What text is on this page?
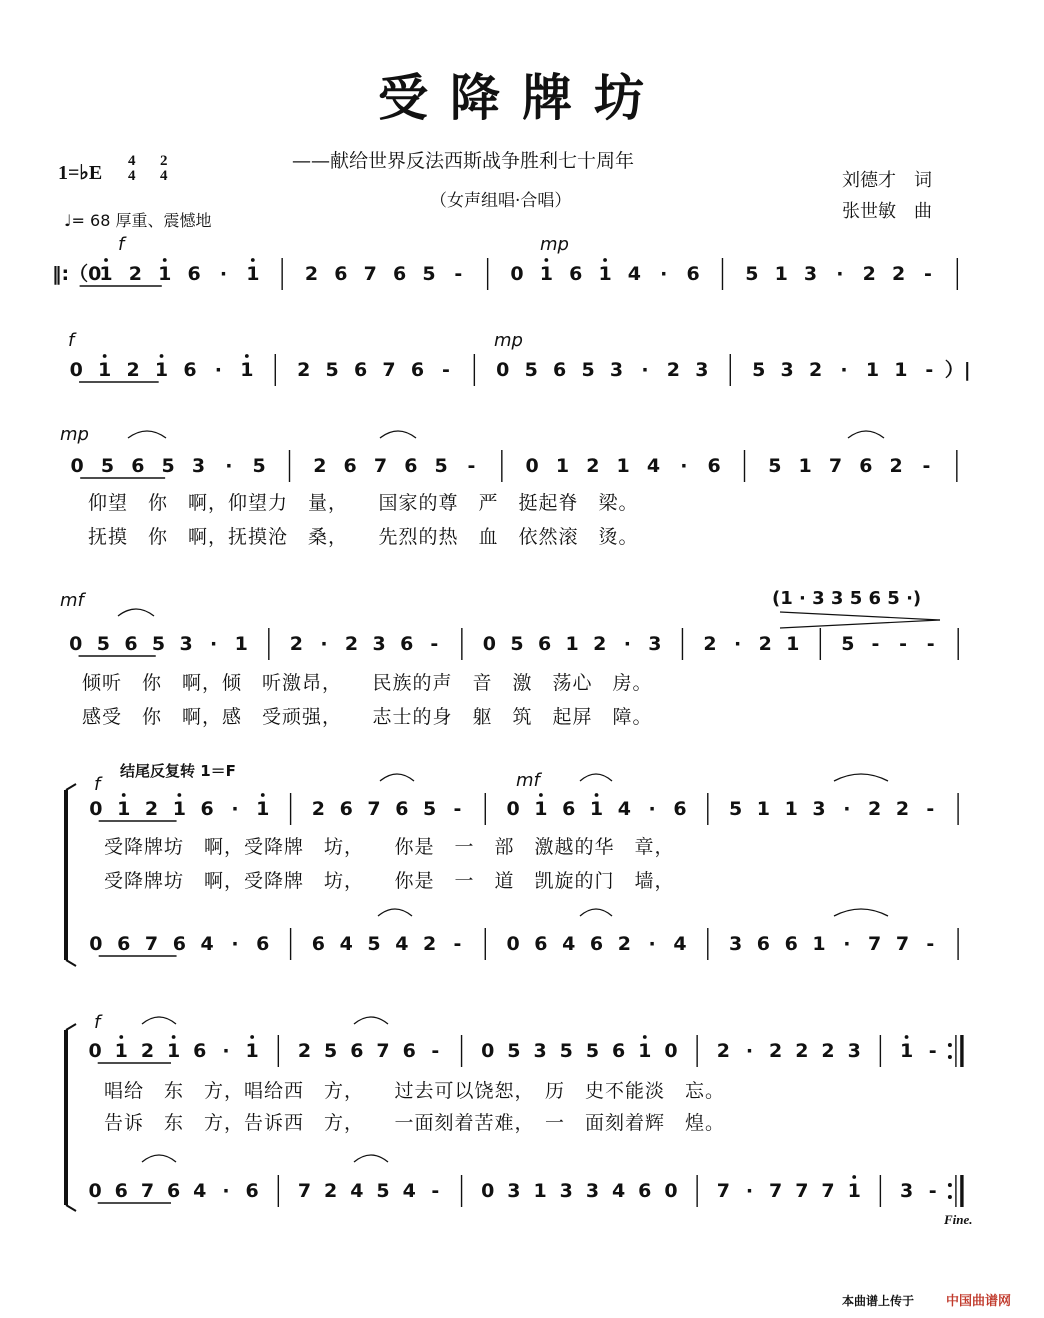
受降牌坊
——献给世界反法西斯战争胜利七十周年
（女声组唱·合唱）
刘德才　词
张世敏　曲
1=♭E
4
4
2
4
♩= 68 厚重、震憾地
‖:（0
1 2 1 6 · 1 2 6 7 6 5 -	0 1 6 1 4 · 6 5 1 3 · 2 2 -
0 1 2 1 6 · 1 2 5 6 7 6 - 0 5 6 5 3 · 2 3 5 3 2 · 1 1 - ）|
0 5 6 5 3 · 5 2 6 7 6 5 -	0 1 2 1 4 · 6 5 1 7 6 2 -
0 5 6 5 3 · 1 2 · 2 3 6 - 0 5 6 1 2 · 3 2 · 2 1 5 - - -
0 1 2 1 6 · 1 2 6 7 6 5 - 0 1 6 1 4 · 6 5 1 1 3 · 2 2 -
0 6 7 6 4 · 6 6 4 5 4 2 - 0 6 4 6 2 · 4 3 6 6 1 · 7 7 -
0 1 2 1 6 · 1 2 5 6 7 6 - 0 5 3 5 5 6 1 0 2 · 2 2 2 3 1 -
0 6 7 6 4 · 6 7 2 4 5 4 - 0 3 1 3 3 4 6 0 7 · 7 7 7 1 3 -
f	mp
f	mp
mp
mf
f	mf
f
(1 · 3 3 5 6 5 ·)
仰望　你　啊，仰望力　量，　　国家的尊　严　挺起脊　梁。
抚摸　你　啊，抚摸沧　桑，　　先烈的热　血　依然滚　烫。
倾听　你　啊，倾　听激昂，　　民族的声　音　激　荡心　房。
感受　你　啊，感　受顽强，　　志士的身　躯　筑　起屏　障。
受降牌坊　啊，受降牌　坊，　　你是　一　部　激越的华　章，
受降牌坊　啊，受降牌　坊，　　你是　一　道　凯旋的门　墙，
唱给　东　方，唱给西　方，　　过去可以饶恕，　历　史不能淡　忘。
告诉　东　方，告诉西　方，　　一面刻着苦难，　一　面刻着辉　煌。
结尾反复转 1＝F
Fine.
本曲谱上传于 中国曲谱网
